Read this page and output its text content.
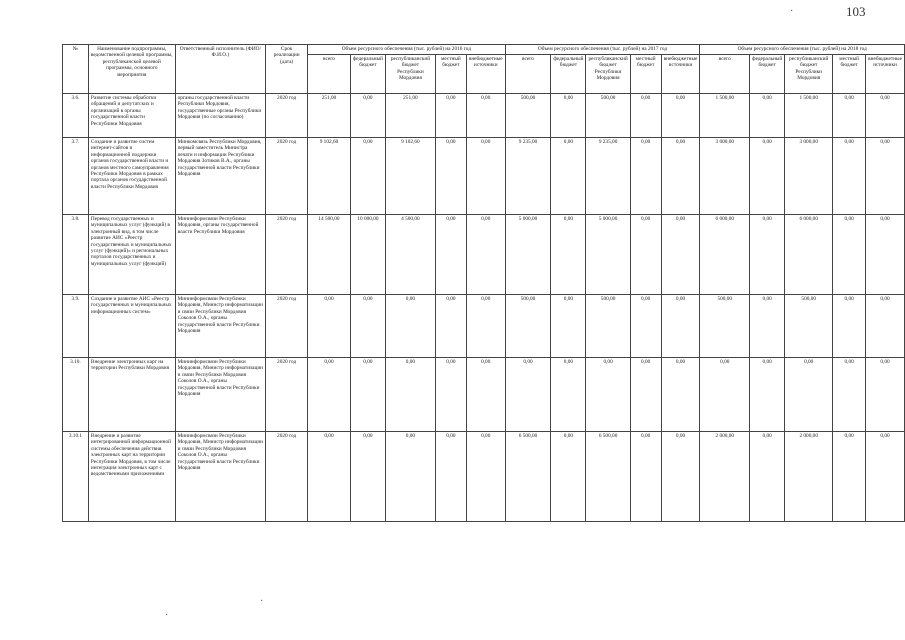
103
·
·
·
№	Наименование подпрограммы, ведомственной целевой программы, республиканской целевой программы, основного мероприятия	Ответственный исполнитель (ФИО/Ф.И.О.)	Срок реализации (дата)	Объем ресурсного обеспечения (тыс. рублей) на 2016 год					Объем ресурсного обеспечения (тыс. рублей) на 2017 год					Объем ресурсного обеспечения (тыс. рублей) на 2018 год				
				всего	федеральный бюджет	республиканский бюджет Республики Мордовия	местный бюджет	внебюджетные источники	всего	федеральный бюджет	республиканский бюджет Республики Мордовия	местный бюджет	внебюджетные источники	всего	федеральный бюджет	республиканский бюджет Республики Мордовия	местный бюджет	внебюджетные источники
3.6.	Развитие системы обработки обращений и депутатских и организаций в органы государственной власти Республики Мордовия	органы государственной власти Республики Мордовия, государственные органы Республики Мордовия (по согласованию)	2020 год	251,00	0,00	251,00	0,00	0,00	500,00	0,00	500,00	0,00	0,00	1 500,00	0,00	1 500,00	0,00	0,00
3.7.	Создание и развитие систем интернет-сайтов и информационной поддержки органов государственной власти и органов местного самоуправления Республики Мордовия в рамках портала органов государственной власти Республики Мордовия	Минкомсвязь Республики Мордовия, первый заместитель Министра печати и информации Республики Мордовия Зотиков В.А., органы государственной власти Республики Мордовия	2020 год	9 102,60	0,00	9 102,60	0,00	0,00	9 235,00	0,00	9 235,00	0,00	0,00	3 000,00	0,00	3 000,00	0,00	0,00
3.8.	Перевод государственных и муниципальных услуг (функций) в электронный вид, в том числе развитие АИС «Реестр государственных и муниципальных услуг (функций)» и региональных порталов государственных и муниципальных услуг (функций)	Мининформсвязи Республики Мордовия, органы государственной власти Республики Мордовия	2020 год	14 500,00	10 000,00	4 500,00	0,00	0,00	5 000,00	0,00	5 000,00	0,00	0,00	6 000,00	0,00	6 000,00	0,00	0,00
3.9.	Создание и развитие АИС «Реестр государственных и муниципальных информационных систем»	Мининформсвязи Республики Мордовия, Министр информатизации и связи Республики Мордовия Соколов О.А., органы государственной власти Республики Мордовия	2020 год	0,00	0,00	0,00	0,00	0,00	500,00	0,00	500,00	0,00	0,00	500,00	0,00	500,00	0,00	0,00
3.10.	Внедрение электронных карт на территории Республики Мордовия	Мининформсвязи Республики Мордовия, Министр информатизации и связи Республики Мордовия Соколов О.А., органы государственной власти Республики Мордовия	2020 год	0,00	0,00	0,00	0,00	0,00	0,00	0,00	0,00	0,00	0,00	0,00	0,00	0,00	0,00	0,00
3.10.1	Внедрение и развитие интегрированной информационной системы обеспечения действия электронных карт на территории Республики Мордовия, в том числе интеграция электронных карт с ведомственными приложениями	Мининформсвязи Республики Мордовия, Министр информатизации и связи Республики Мордовия Соколов О.А., органы государственной власти Республики Мордовия	2020 год	0,00	0,00	0,00	0,00	0,00	6 500,00	0,00	6 500,00	0,00	0,00	2 000,00	0,00	2 000,00	0,00	0,00
